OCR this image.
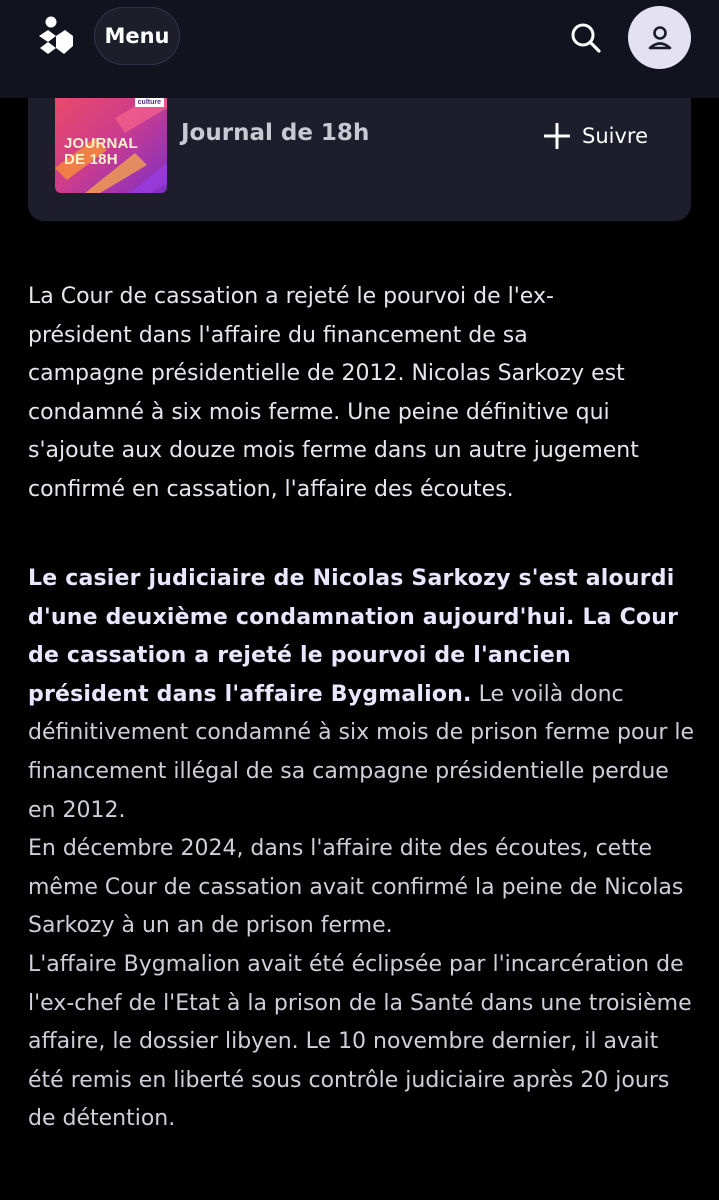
Menu
culture
JOURNAL
DE 18H
Journal de 18h	Suivre
La Cour de cassation a rejeté le pourvoi de l'ex-
président dans l'affaire du financement de sa
campagne présidentielle de 2012. Nicolas Sarkozy est
condamné à six mois ferme. Une peine définitive qui
s'ajoute aux douze mois ferme dans un autre jugement
confirmé en cassation, l'affaire des écoutes.
Le casier judiciaire de Nicolas Sarkozy s'est alourdi d'une deuxième condamnation aujourd'hui. La Cour de cassation a rejeté le pourvoi de l'ancien président dans l'affaire Bygmalion. Le voilà donc définitivement condamné à six mois de prison ferme pour le financement illégal de sa campagne présidentielle perdue en 2012.
En décembre 2024, dans l'affaire dite des écoutes, cette même Cour de cassation avait confirmé la peine de Nicolas Sarkozy à un an de prison ferme.
L'affaire Bygmalion avait été éclipsée par l'incarcération de l'ex-chef de l'Etat à la prison de la Santé dans une troisième affaire, le dossier libyen. Le 10 novembre dernier, il avait été remis en liberté sous contrôle judiciaire après 20 jours de détention.
